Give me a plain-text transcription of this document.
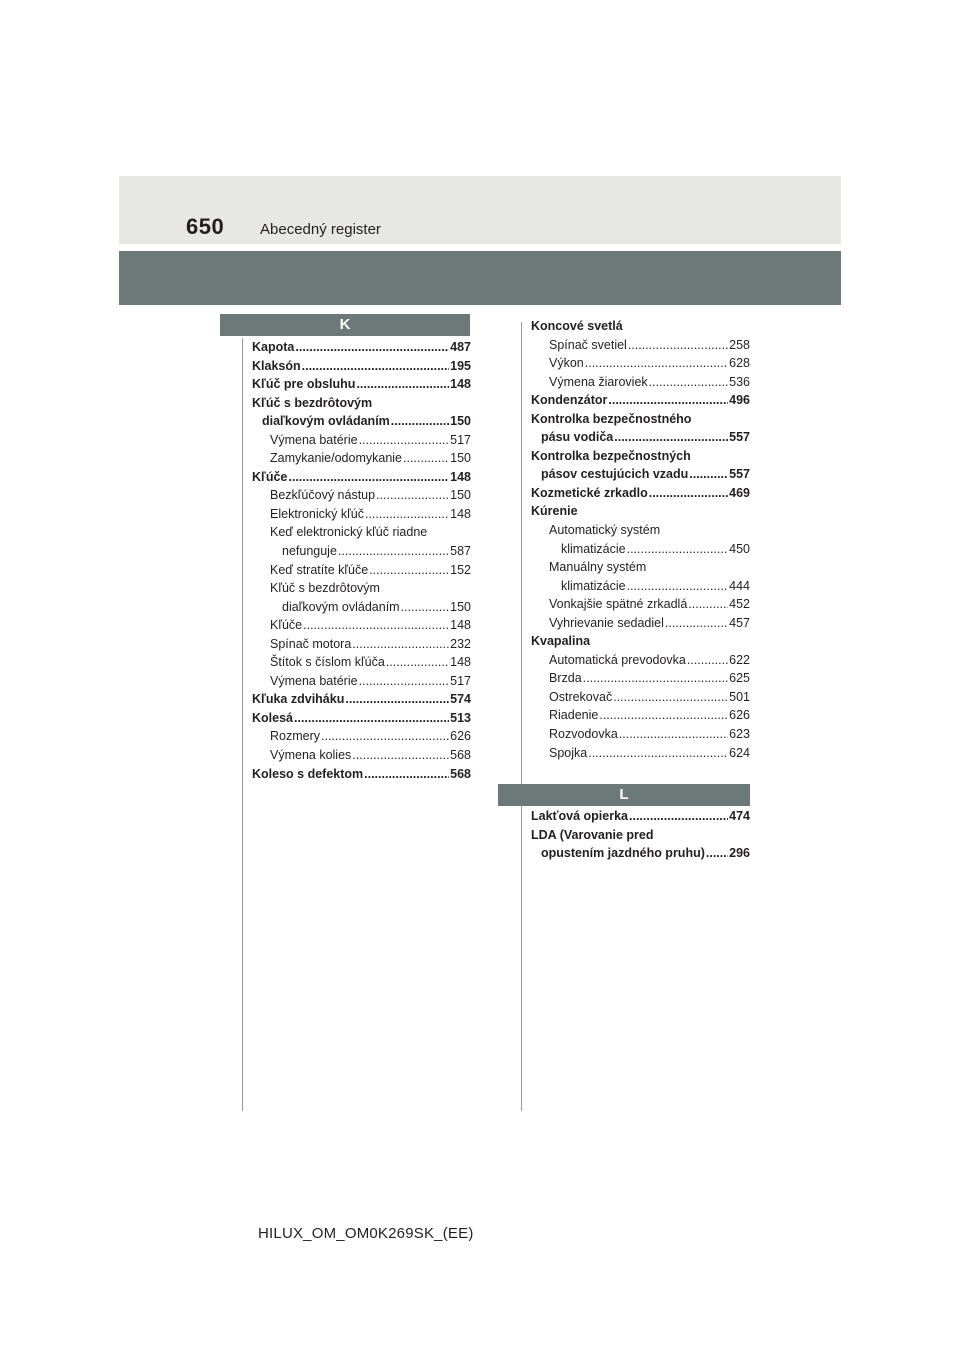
650 Abecedný register
K
Kapota .....	487
Klaksón .....	195
Kľúč pre obsluhu .....	148
Kľúč s bezdrôtovým
diaľkovým ovládaním .....	150
Výmena batérie .....	517
Zamykanie/odomykanie .....	150
Kľúče .....	148
Bezkľúčový nástup .....	150
Elektronický kľúč .....	148
Keď elektronický kľúč riadne
nefunguje .....	587
Keď stratíte kľúče .....	152
Kľúč s bezdrôtovým
diaľkovým ovládaním .....	150
Kľúče .....	148
Spínač motora .....	232
Štítok s číslom kľúča .....	148
Výmena batérie .....	517
Kľuka zdviháku .....	574
Kolesá .....	513
Rozmery .....	626
Výmena kolies .....	568
Koleso s defektom .....	568
Koncové svetlá
Spínač svetiel .....	258
Výkon .....	628
Výmena žiaroviek .....	536
Kondenzátor .....	496
Kontrolka bezpečnostného
pásu vodiča .....	557
Kontrolka bezpečnostných
pásov cestujúcich vzadu .....	557
Kozmetické zrkadlo .....	469
Kúrenie
Automatický systém
klimatizácie .....	450
Manuálny systém
klimatizácie .....	444
Vonkajšie spätné zrkadlá .....	452
Vyhrievanie sedadiel .....	457
Kvapalina
Automatická prevodovka .....	622
Brzda .....	625
Ostrekovač .....	501
Riadenie .....	626
Rozvodovka .....	623
Spojka .....	624
L
Lakťová opierka .....	474
LDA (Varovanie pred
opustením jazdného pruhu) ..... 296
HILUX_OM_OM0K269SK_(EE)
